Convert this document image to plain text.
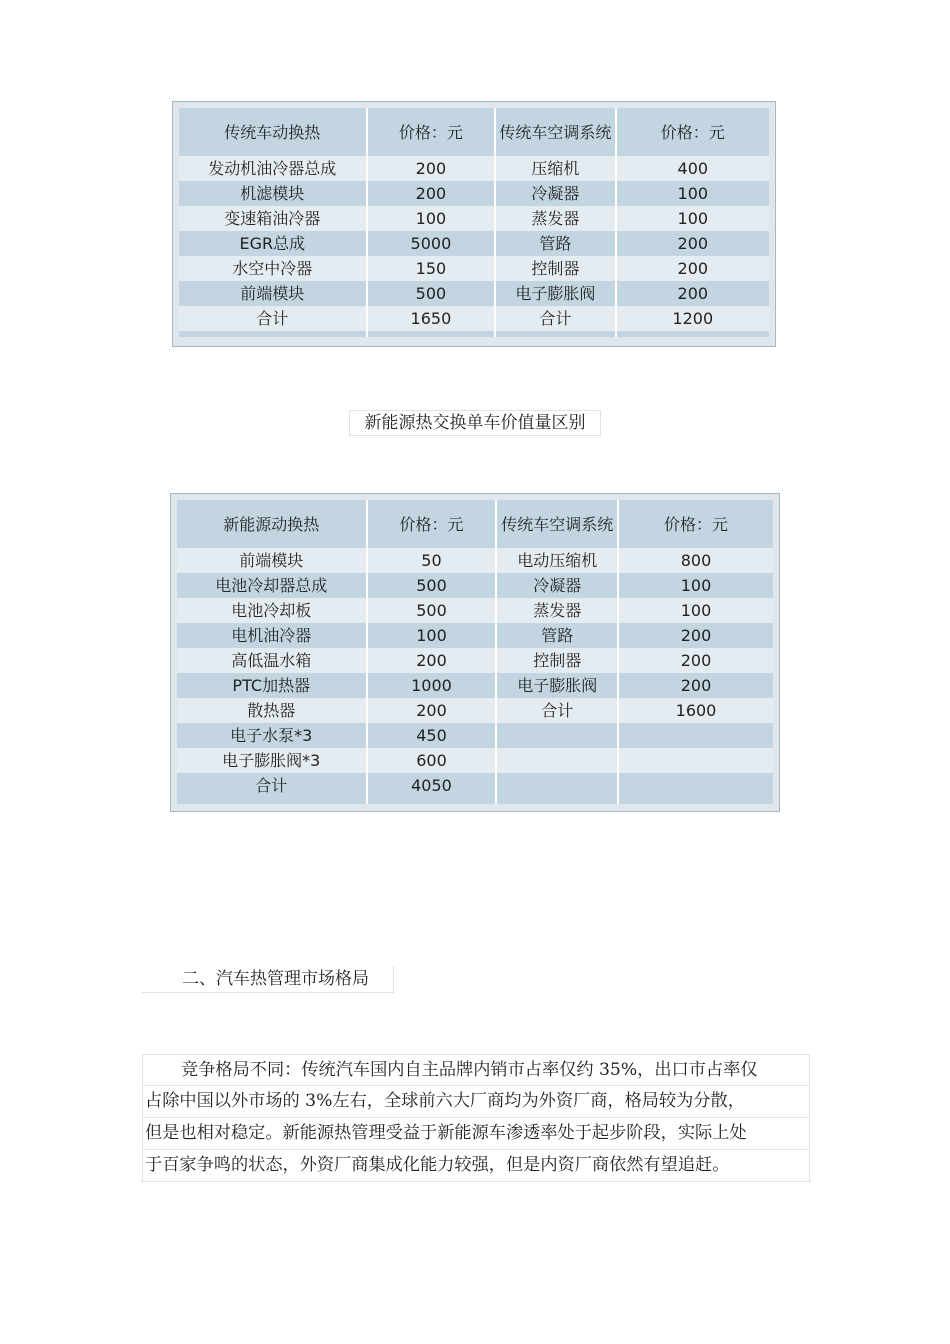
传统车动换热	价格：元	传统车空调系统	价格：元
发动机油冷器总成	200	压缩机	400
机滤模块	200	冷凝器	100
变速箱油冷器	100	蒸发器	100
EGR总成	5000	管路	200
水空中冷器	150	控制器	200
前端模块	500	电子膨胀阀	200
合计	1650	合计	1200

新能源热交换单车价值量区别
新能源动换热	价格：元	传统车空调系统	价格：元
前端模块	50	电动压缩机	800
电池冷却器总成	500	冷凝器	100
电池冷却板	500	蒸发器	100
电机油冷器	100	管路	200
高低温水箱	200	控制器	200
PTC加热器	1000	电子膨胀阀	200
散热器	200	合计	1600
电子水泵*3	450		
电子膨胀阀*3	600		
合计	4050		

二、汽车热管理市场格局
竞争格局不同：传统汽车国内自主品牌内销市占率仅约 35%，出口市占率仅
占除中国以外市场的 3%左右，全球前六大厂商均为外资厂商，格局较为分散，
但是也相对稳定。新能源热管理受益于新能源车渗透率处于起步阶段，实际上处
于百家争鸣的状态，外资厂商集成化能力较强，但是内资厂商依然有望追赶。
